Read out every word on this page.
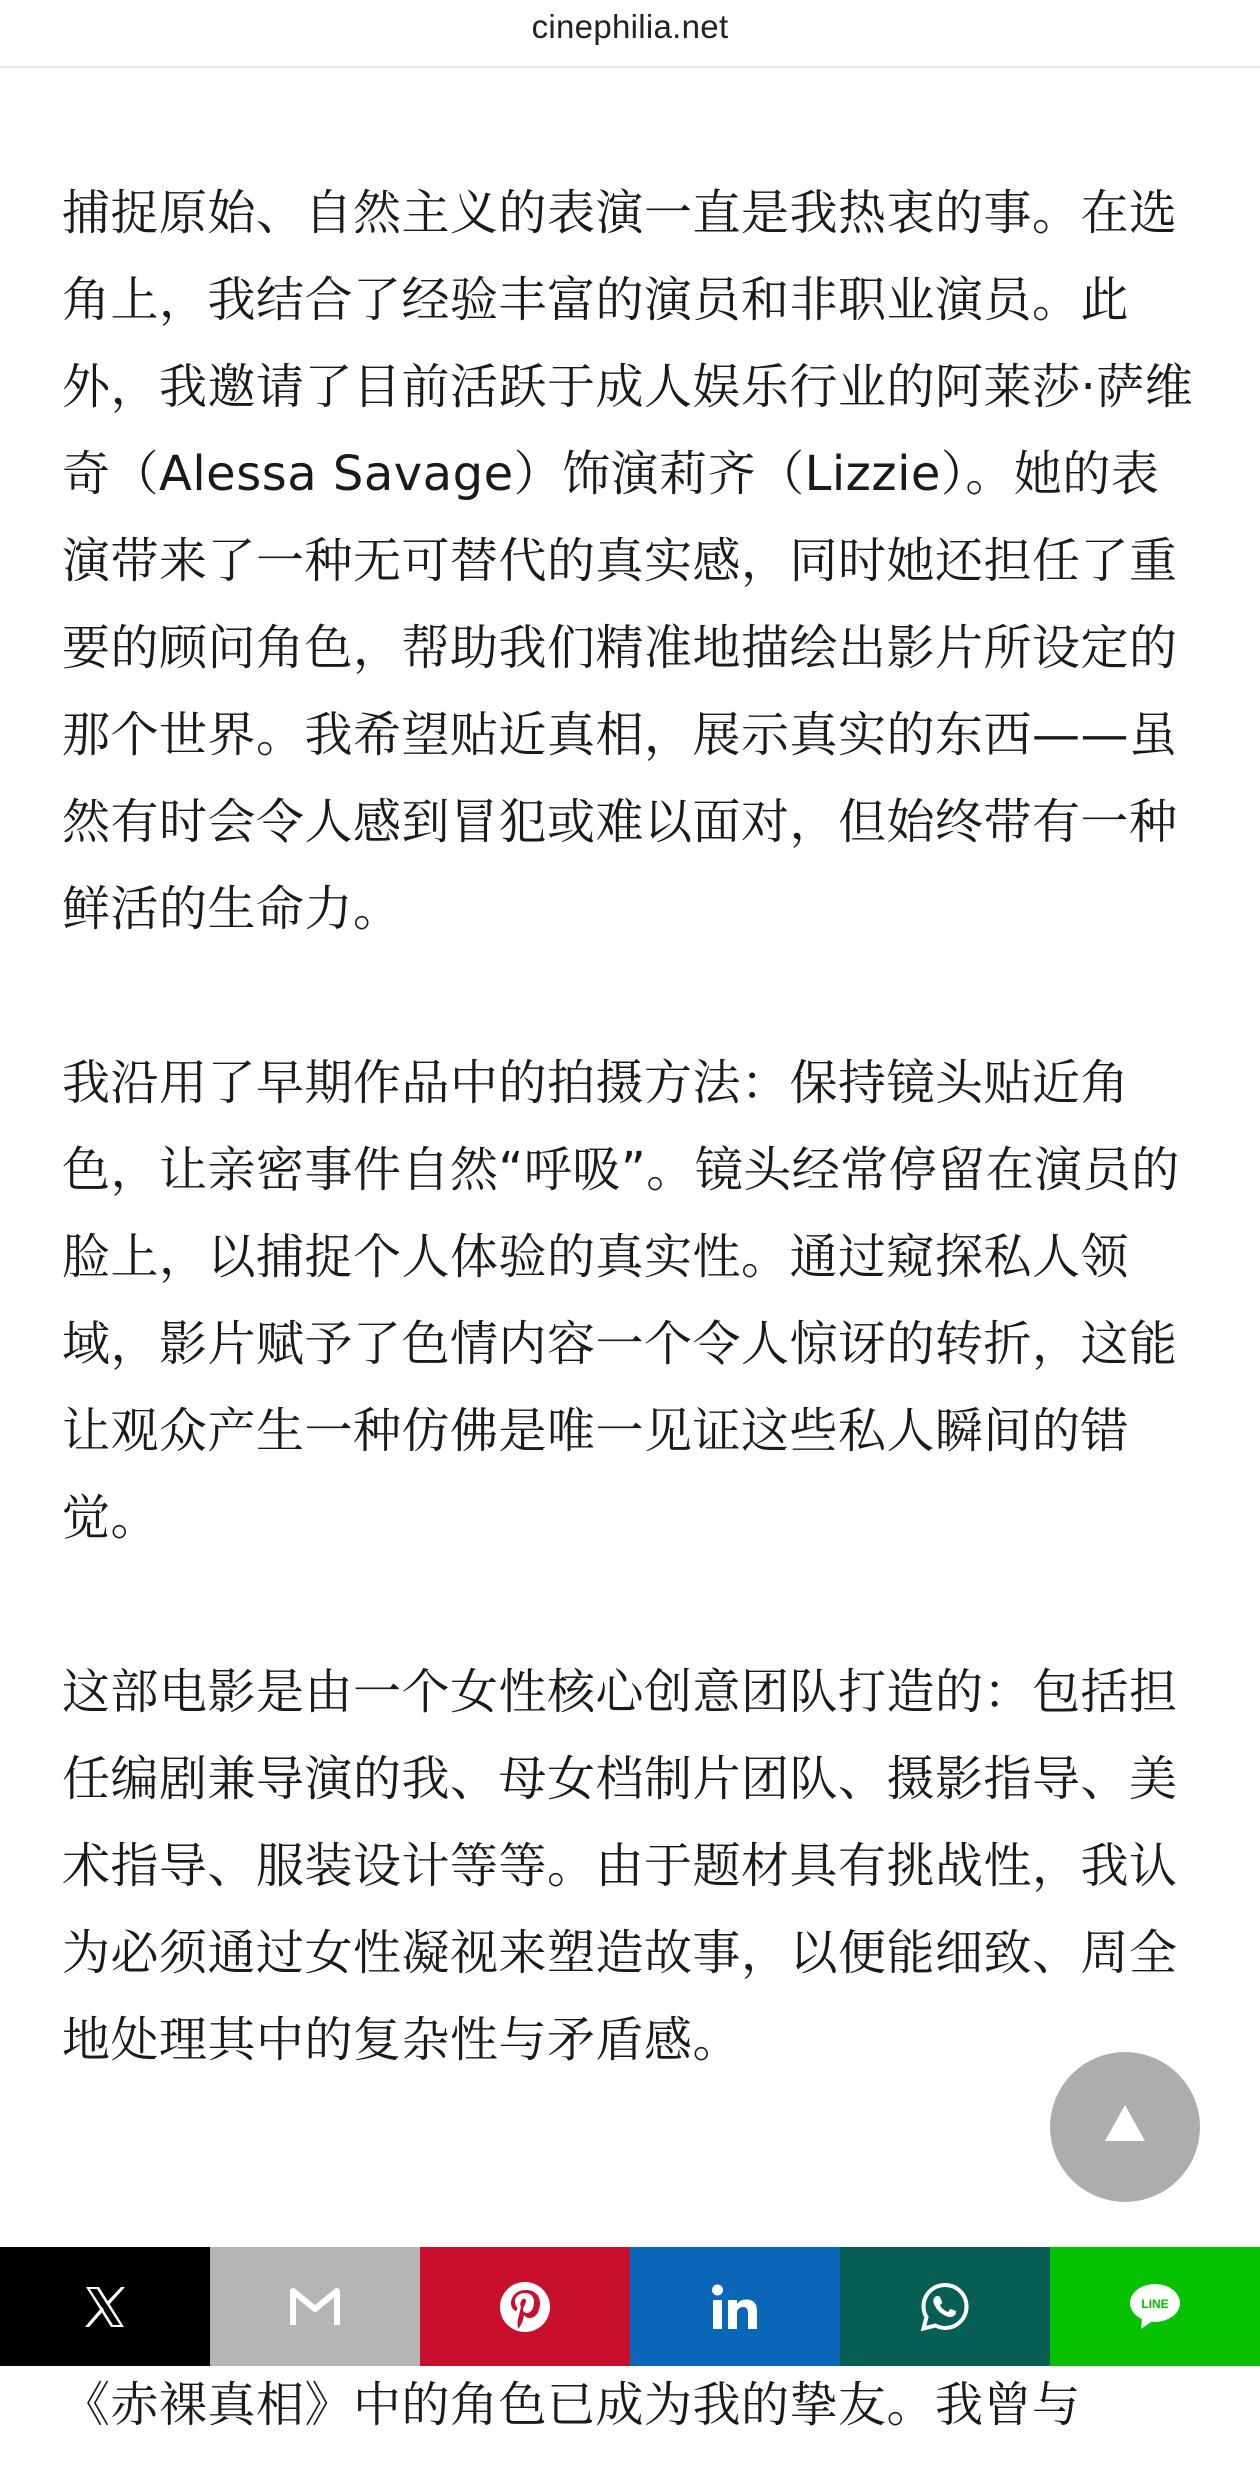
cinephilia.net

捕捉原始、自然主义的表演一直是我热衷的事。在选角上，我结合了经验丰富的演员和非职业演员。此外，我邀请了目前活跃于成人娱乐行业的阿莱莎·萨维奇（Alessa Savage）饰演莉齐（Lizzie）。她的表演带来了一种无可替代的真实感，同时她还担任了重要的顾问角色，帮助我们精准地描绘出影片所设定的那个世界。我希望贴近真相，展示真实的东西——虽然有时会令人感到冒犯或难以面对，但始终带有一种鲜活的生命力。

我沿用了早期作品中的拍摄方法：保持镜头贴近角色，让亲密事件自然“呼吸”。镜头经常停留在演员的脸上，以捕捉个人体验的真实性。通过窥探私人领域，影片赋予了色情内容一个令人惊讶的转折，这能让观众产生一种仿佛是唯一见证这些私人瞬间的错觉。

这部电影是由一个女性核心创意团队打造的：包括担任编剧兼导演的我、母女档制片团队、摄影指导、美术指导、服装设计等等。由于题材具有挑战性，我认为必须通过女性凝视来塑造故事，以便能细致、周全地处理其中的复杂性与矛盾感。

《赤裸真相》中的角色已成为我的挚友。我曾与

LINE
